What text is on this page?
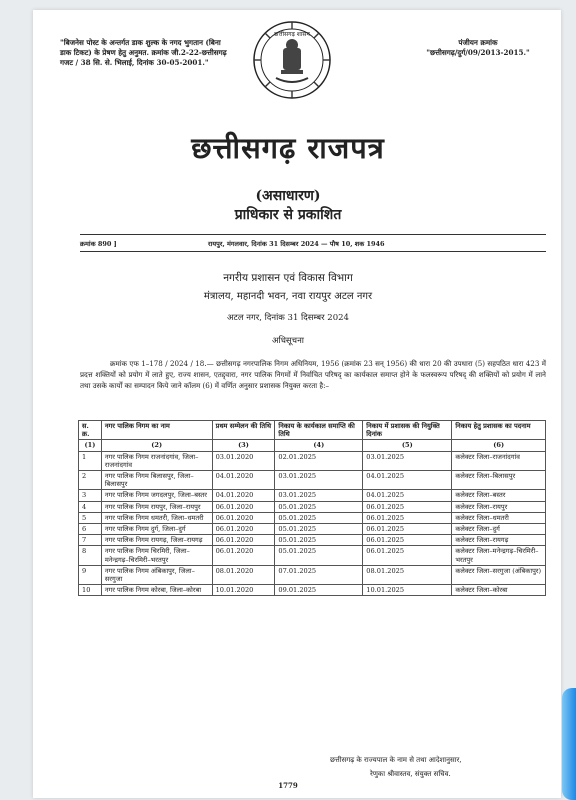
"बिजनेस पोस्ट के अन्तर्गत डाक शुल्क के नगद भुगतान (बिना डाक टिकट) के प्रेषण हेतु अनुमत. क्रमांक जी.2-22-छत्तीसगढ़ गजट / 38 सि. से. भिलाई, दिनांक 30-05-2001."
पंजीयन क्रमांक
"छत्तीसगढ़/दुर्ग/09/2013-2015."
छत्तीसगढ़ शासन
छत्तीसगढ़ राजपत्र
(असाधारण)
प्राधिकार से प्रकाशित
क्रमांक 890 ]	रायपुर, मंगलवार, दिनांक 31 दिसम्बर 2024 — पौष 10, शक 1946
नगरीय प्रशासन एवं विकास विभाग
मंत्रालय, महानदी भवन, नवा रायपुर अटल नगर
अटल नगर, दिनांक 31 दिसम्बर 2024
अधिसूचना
क्रमांक एफ 1–178 / 2024 / 18.— छत्तीसगढ़ नगरपालिक निगम अधिनियम, 1956 (क्रमांक 23 सन् 1956) की धारा 20 की उपधारा (5) सहपठित धारा 423 में प्रदत्त शक्तियों को प्रयोग में लाते हुए, राज्य शासन, एतद्द्वारा, नगर पालिक निगमों में निर्वाचित परिषद् का कार्यकाल समाप्त होने के फलस्वरूप परिषद् की शक्तियों को प्रयोग में लाने तथा उसके कार्यों का सम्पादन किये जाने कॉलम (6) में वर्णित अनुसार प्रशासक नियुक्त करता है:–
स. क्र.	नगर पालिक निगम का नाम	प्रथम सम्मेलन की तिथि	निकाय के कार्यकाल समाप्ति की तिथि	निकाय में प्रशासक की नियुक्ति दिनांक	निकाय हेतु प्रशासक का पदनाम
(1)	(2)	(3)	(4)	(5)	(6)
1	नगर पालिक निगम राजनांदगांव, जिला–राजनांदगांव	03.01.2020	02.01.2025	03.01.2025	कलेक्टर जिला–राजनांदगांव
2	नगर पालिक निगम बिलासपुर, जिला–बिलासपुर	04.01.2020	03.01.2025	04.01.2025	कलेक्टर जिला–बिलासपुर
3	नगर पालिक निगम जगदलपुर, जिला–बस्तर	04.01.2020	03.01.2025	04.01.2025	कलेक्टर जिला–बस्तर
4	नगर पालिक निगम रायपुर, जिला–रायपुर	06.01.2020	05.01.2025	06.01.2025	कलेक्टर जिला–रायपुर
5	नगर पालिक निगम धमतरी, जिला–धमतरी	06.01.2020	05.01.2025	06.01.2025	कलेक्टर जिला–धमतरी
6	नगर पालिक निगम दुर्ग, जिला–दुर्ग	06.01.2020	05.01.2025	06.01.2025	कलेक्टर जिला–दुर्ग
7	नगर पालिक निगम रायगढ़, जिला–रायगढ़	06.01.2020	05.01.2025	06.01.2025	कलेक्टर जिला–रायगढ़
8	नगर पालिक निगम चिरमिरी, जिला–मनेन्द्रगढ़–चिरमिरी–भरतपुर	06.01.2020	05.01.2025	06.01.2025	कलेक्टर जिला–मनेन्द्रगढ़–चिरमिरी–भरतपुर
9	नगर पालिक निगम अंबिकापुर, जिला–सरगुजा	08.01.2020	07.01.2025	08.01.2025	कलेक्टर जिला–सरगुजा (अंबिकापुर)
10	नगर पालिक निगम कोरबा, जिला–कोरबा	10.01.2020	09.01.2025	10.01.2025	कलेक्टर जिला–कोरबा
छत्तीसगढ़ के राज्यपाल के नाम से तथा आदेशानुसार,
रेणुका श्रीवास्तव, संयुक्त सचिव.
1779
